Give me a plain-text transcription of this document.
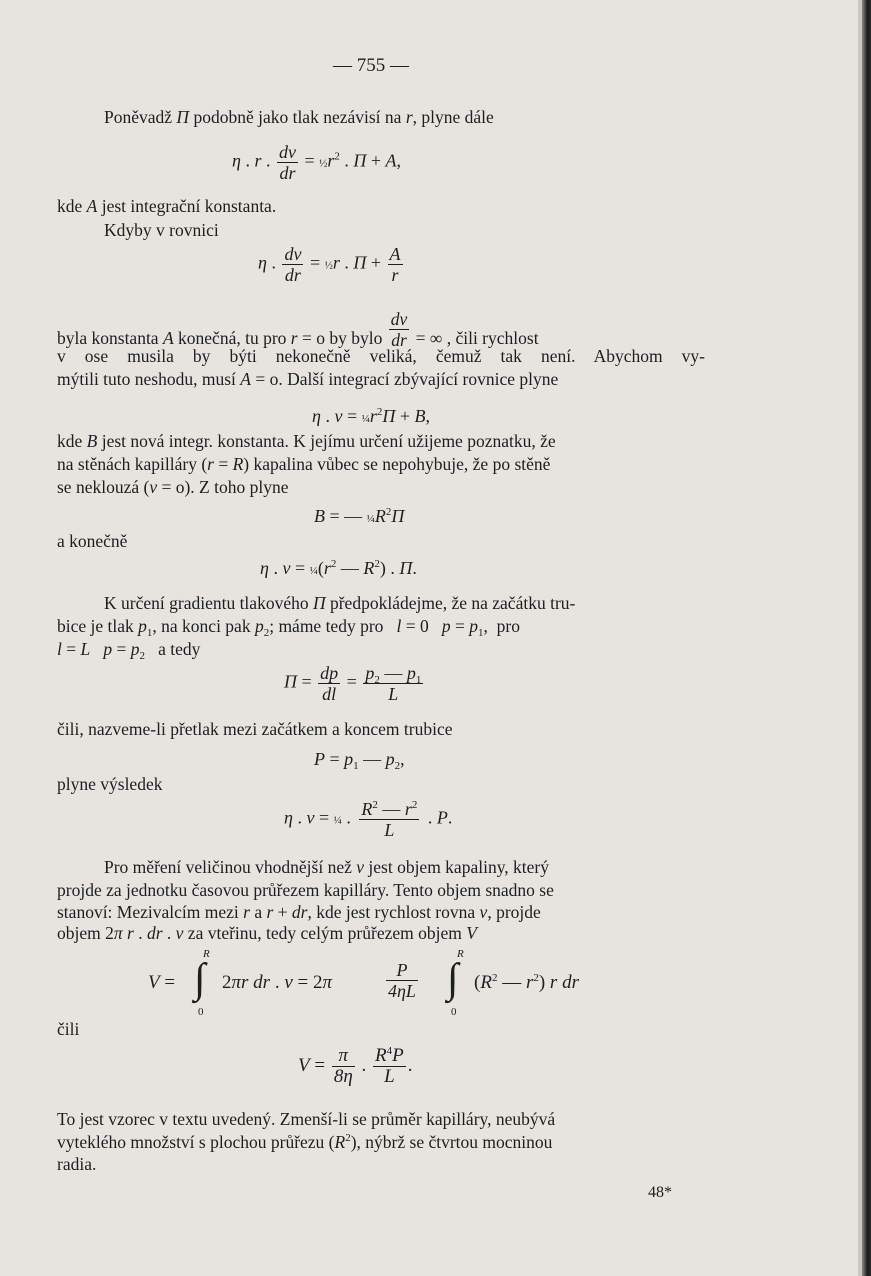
— 755 —
Poněvadž Π podobně jako tlak nezávisí na r, plyne dále
η . r . $\frac{dv}{dr}$ = $\frac{1}{2}r^2$ . Π + A,
kde A jest integrační konstanta.
Kdyby v rovnici
η . $\frac{dv}{dr}$ = ½r . $\Pi + \frac{A}{r}$
byla konstanta A konečná, tu pro r = o by bylo $\frac{dv}{dr}$ = ∞ , čili rychlost
v ose musila by býti nekonečně veliká, čemuž tak není. Abychom vy-
mýtili tuto neshodu, musí A = o. Další integrací zbývající rovnice plyne
η . $v = \frac{1}{4}r^2\Pi + B$,
kde B jest nová integr. konstanta. K jejímu určení užijeme poznatku, že
na stěnách kapilláry (r = R) kapalina vůbec se nepohybuje, že po stěně
se neklouzá (v = o). Z toho plyne
B = — $\frac{1}{4}R^2\Pi$
a konečně
η . $v = \frac{1}{4}(r^2$ — $R^2$) . Π.
K určení gradientu tlakového Π předpokládejme, že na začátku tru-
bice je tlak $p_1$, na konci pak $p_2$; máme tedy pro   l = 0   $p = p_1$,  pro
l = L $p = p_2$   a tedy
$\Pi = \frac{dp}{dl} = \frac{p_2 — p_1}{L}$
čili, nazveme-li přetlak mezi začátkem a koncem trubice
$P = p_1$ — $p_2$,
plyne výsledek
η . v = ¼ . $\frac{R^2 — r^2}{L}$ . P.
Pro měření veličinou vhodnější než v jest objem kapaliny, který
projde za jednotku časovou průřezem kapilláry. Tento objem snadno se
stanoví: Mezivalcím mezi r a r + dr, kde jest rychlost rovna v, projde
objem 2π r . dr . v za vteřinu, tedy celým průřezem objem V
V =
R
∫
0
2πr dr . v = 2π	$\frac{P}{4\eta L}$
R
∫
0
($R^2$ — $r^2$) r dr
čili
$V = \frac{\pi}{8\eta}$ . $\frac{R^4P}{L}$ .
To jest vzorec v textu uvedený. Zmenší-li se průměr kapilláry, neubývá
vyteklého množství s plochou průřezu $(R^2)$, nýbrž se čtvrtou mocninou
radia.
48*
